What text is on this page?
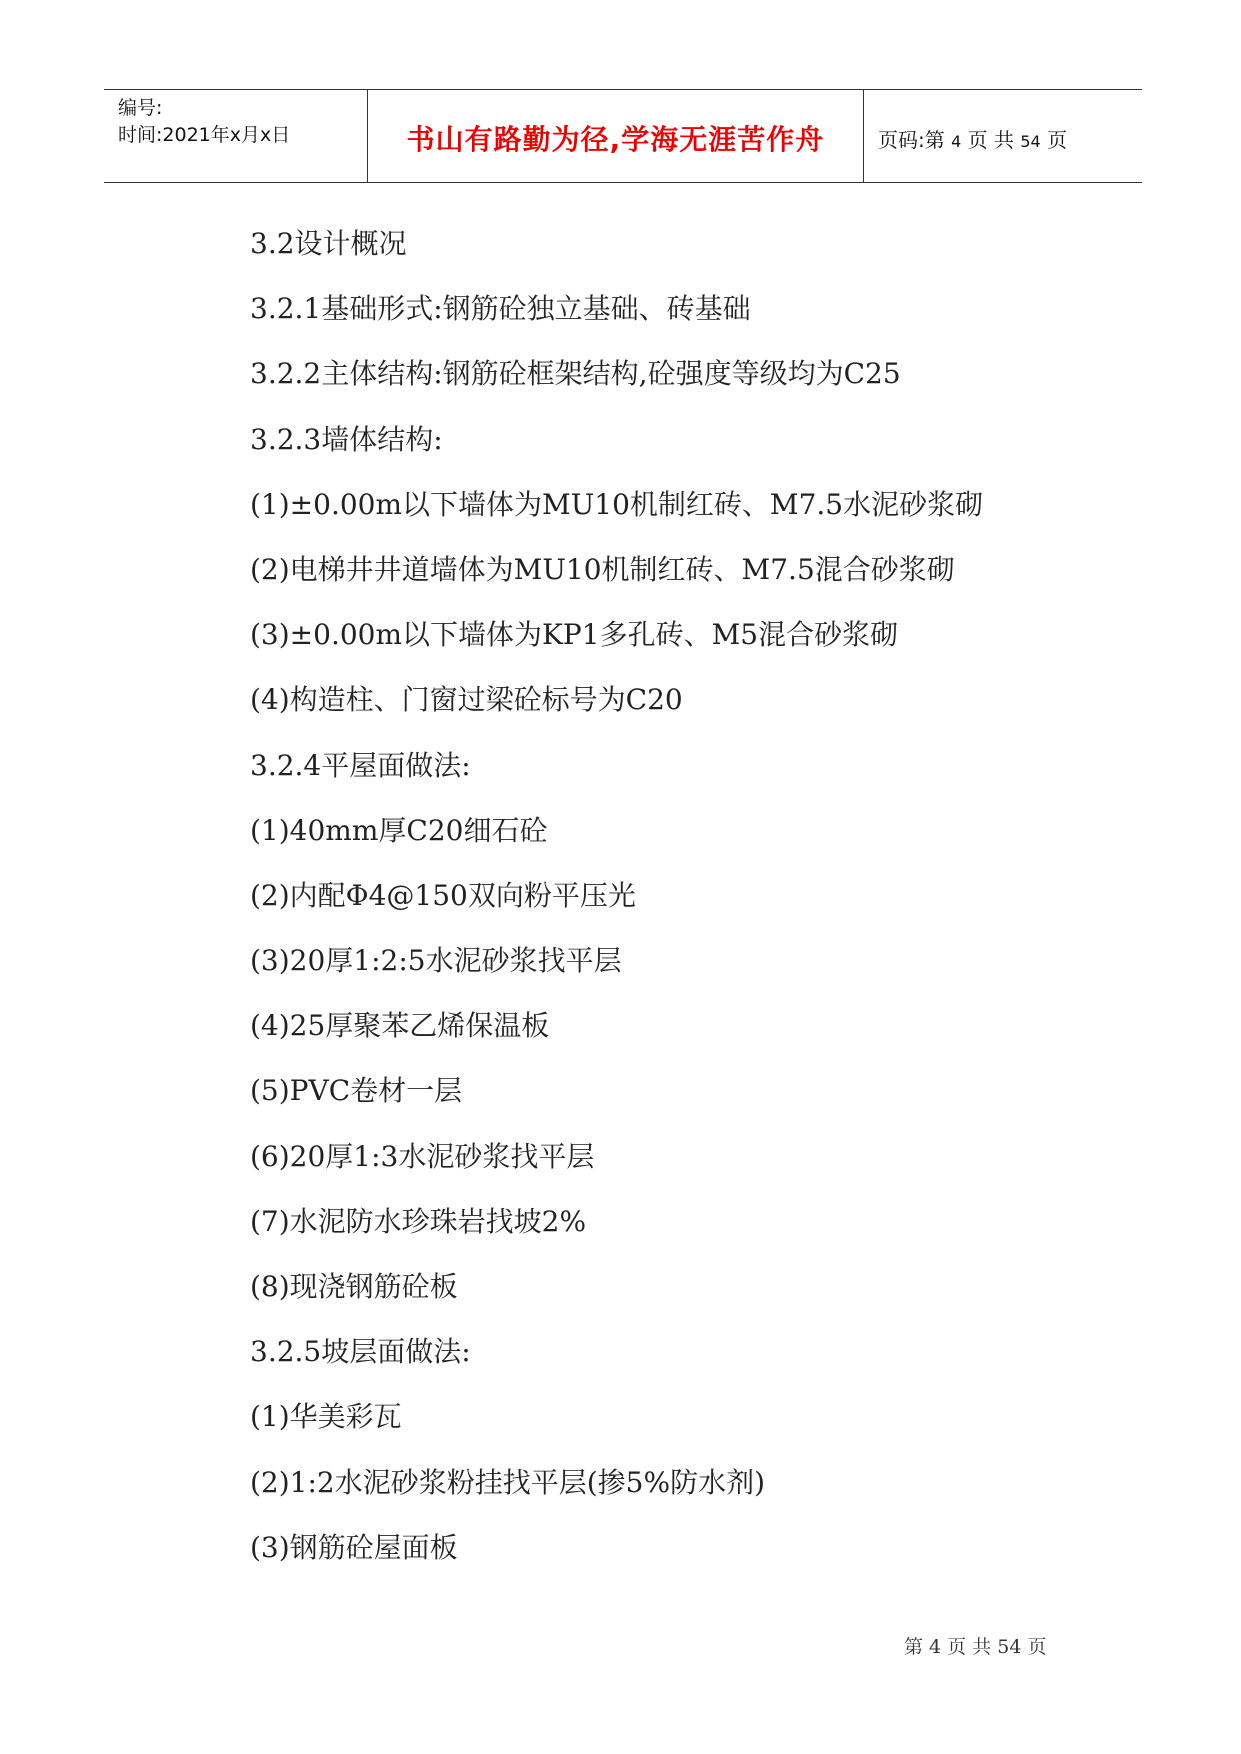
编号:
时间:2021年x月x日	书山有路勤为径,学海无涯苦作舟	页码:第 4 页 共 54 页
3.2设计概况
3.2.1基础形式:钢筋砼独立基础、砖基础
3.2.2主体结构:钢筋砼框架结构,砼强度等级均为C25
3.2.3墙体结构:
(1)±0.00m以下墙体为MU10机制红砖、M7.5水泥砂浆砌
(2)电梯井井道墙体为MU10机制红砖、M7.5混合砂浆砌
(3)±0.00m以下墙体为KP1多孔砖、M5混合砂浆砌
(4)构造柱、门窗过梁砼标号为C20
3.2.4平屋面做法:
(1)40mm厚C20细石砼
(2)内配Φ4@150双向粉平压光
(3)20厚1:2:5水泥砂浆找平层
(4)25厚聚苯乙烯保温板
(5)PVC卷材一层
(6)20厚1:3水泥砂浆找平层
(7)水泥防水珍珠岩找坡2%
(8)现浇钢筋砼板
3.2.5坡层面做法:
(1)华美彩瓦
(2)1:2水泥砂浆粉挂找平层(掺5%防水剂)
(3)钢筋砼屋面板
第 4 页 共 54 页
